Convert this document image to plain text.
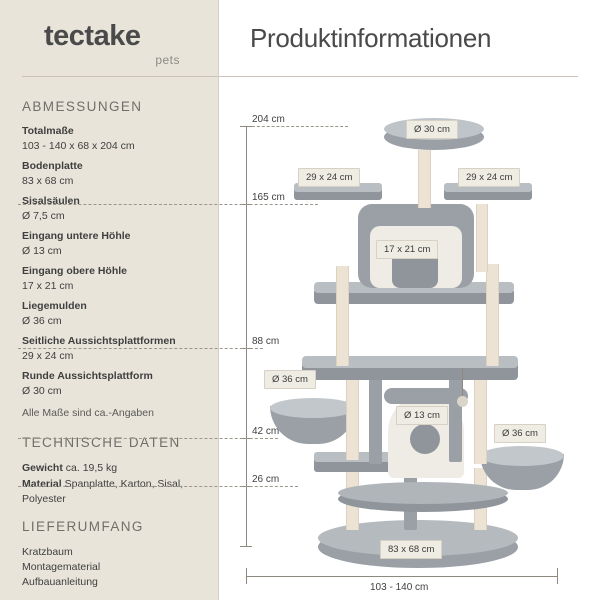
tectake
pets
Produktinformationen
ABMESSUNGEN
Totalmaße
103 - 140 x 68 x 204 cm
Bodenplatte
83 x 68 cm
Sisalsäulen
Ø 7,5 cm
Eingang untere Höhle
Ø 13 cm
Eingang obere Höhle
17 x 21 cm
Liegemulden
Ø 36 cm
Seitliche Aussichtsplattformen
29 x 24 cm
Runde Aussichtsplattform
Ø 30 cm
Alle Maße sind ca.-Angaben
TECHNISCHE DATEN
Gewicht ca. 19,5 kg
Material Spanplatte, Karton, Sisal, Polyester
LIEFERUMFANG
Kratzbaum
Montagematerial
Aufbauanleitung
204 cm
165 cm
88 cm
42 cm
26 cm
Ø 30 cm
29 x 24 cm	29 x 24 cm
17 x 21 cm
Ø 36 cm
Ø 13 cm
Ø 36 cm
83 x 68 cm
103 - 140 cm
